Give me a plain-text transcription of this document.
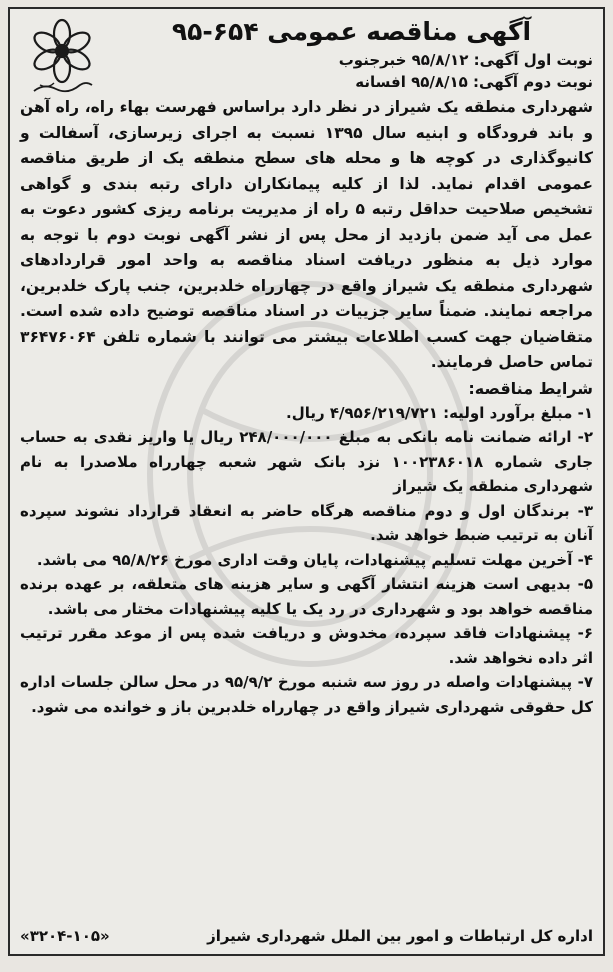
آگهی مناقصه عمومی ۶۵۴-۹۵
نوبت اول آگهی: ۹۵/۸/۱۲ خبرجنوب
نوبت دوم آگهی: ۹۵/۸/۱۵ افسانه
شهرداری منطقه یک شیراز در نظر دارد براساس فهرست بهاء راه، راه آهن و باند فرودگاه و ابنیه سال ۱۳۹۵ نسبت به اجرای زیرسازی، آسفالت و کانیوگذاری در کوچه ها و محله های سطح منطقه یک از طریق مناقصه عمومی اقدام نماید. لذا از کلیه پیمانکاران دارای رتبه بندی و گواهی تشخیص صلاحیت حداقل رتبه ۵ راه از مدیریت برنامه ریزی کشور دعوت به عمل می آید ضمن بازدید از محل پس از نشر آگهی نوبت دوم با توجه به موارد ذیل به منظور دریافت اسناد مناقصه به واحد امور قراردادهای شهرداری منطقه یک شیراز واقع در چهارراه خلدبرین، جنب پارک خلدبرین، مراجعه نمایند. ضمناً سایر جزییات در اسناد مناقصه توضیح داده شده است. متقاضیان جهت کسب اطلاعات بیشتر می توانند با شماره تلفن ۳۶۴۷۶۰۶۴ تماس حاصل فرمایند.
شرایط مناقصه:
۱- مبلغ برآورد اولیه: ۴/۹۵۶/۲۱۹/۷۲۱ ریال.
۲- ارائه ضمانت نامه بانکی به مبلغ ۲۴۸/۰۰۰/۰۰۰ ریال یا واریز نقدی به حساب جاری شماره ۱۰۰۲۳۸۶۰۱۸ نزد بانک شهر شعبه چهارراه ملاصدرا به نام شهرداری منطقه یک شیراز
۳- برندگان اول و دوم مناقصه هرگاه حاضر به انعقاد قرارداد نشوند سپرده آنان به ترتیب ضبط خواهد شد.
۴- آخرین مهلت تسلیم پیشنهادات، پایان وقت اداری مورخ ۹۵/۸/۲۶ می باشد.
۵- بدیهی است هزینه انتشار آگهی و سایر هزینه های متعلقه، بر عهده برنده مناقصه خواهد بود و شهرداری در رد یک یا کلیه پیشنهادات مختار می باشد.
۶- پیشنهادات فاقد سپرده، مخدوش و دریافت شده پس از موعد مقرر ترتیب اثر داده نخواهد شد.
۷- پیشنهادات واصله در روز سه شنبه مورخ ۹۵/۹/۲ در محل سالن جلسات اداره کل حقوقی شهرداری شیراز واقع در چهارراه خلدبرین باز و خوانده می شود.
اداره کل ارتباطات و امور بین الملل شهرداری شیراز
«۳۲۰۴-۱۰۵»
